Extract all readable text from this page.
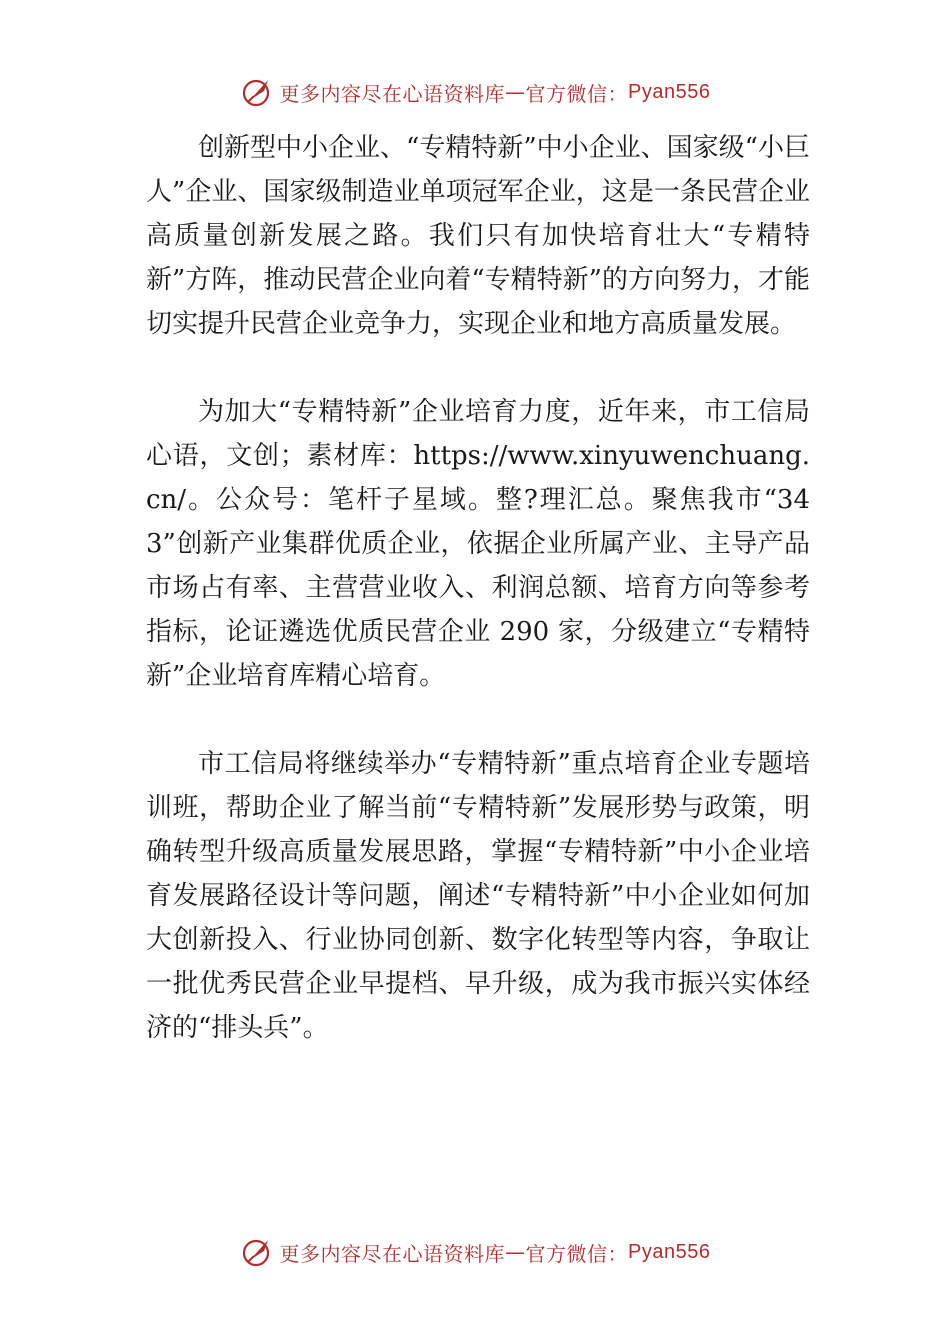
更多内容尽在心语资料库 — 官方微信： Pyan556

创新型中小企业、“专精特新”中小企业、国家级“小巨人”企业、国家级制造业单项冠军企业，这是一条民营企业高质量创新发展之路。我们只有加快培育壮大“专精特新”方阵，推动民营企业向着“专精特新”的方向努力，才能切实提升民营企业竞争力，实现企业和地方高质量发展。

为加大“专精特新”企业培育力度，近年来，市工信局心语，文创；素材库：https://www.xinyuwenchuang.cn/。公众号：笔杆子星域。整?理汇总。聚焦我市“343”创新产业集群优质企业，依据企业所属产业、主导产品市场占有率、主营营业收入、利润总额、培育方向等参考指标，论证遴选优质民营企业 290 家，分级建立“专精特新”企业培育库精心培育。

市工信局将继续举办“专精特新”重点培育企业专题培训班，帮助企业了解当前“专精特新”发展形势与政策，明确转型升级高质量发展思路，掌握“专精特新”中小企业培育发展路径设计等问题，阐述“专精特新”中小企业如何加大创新投入、行业协同创新、数字化转型等内容，争取让一批优秀民营企业早提档、早升级，成为我市振兴实体经济的“排头兵”。

更多内容尽在心语资料库 — 官方微信： Pyan556
